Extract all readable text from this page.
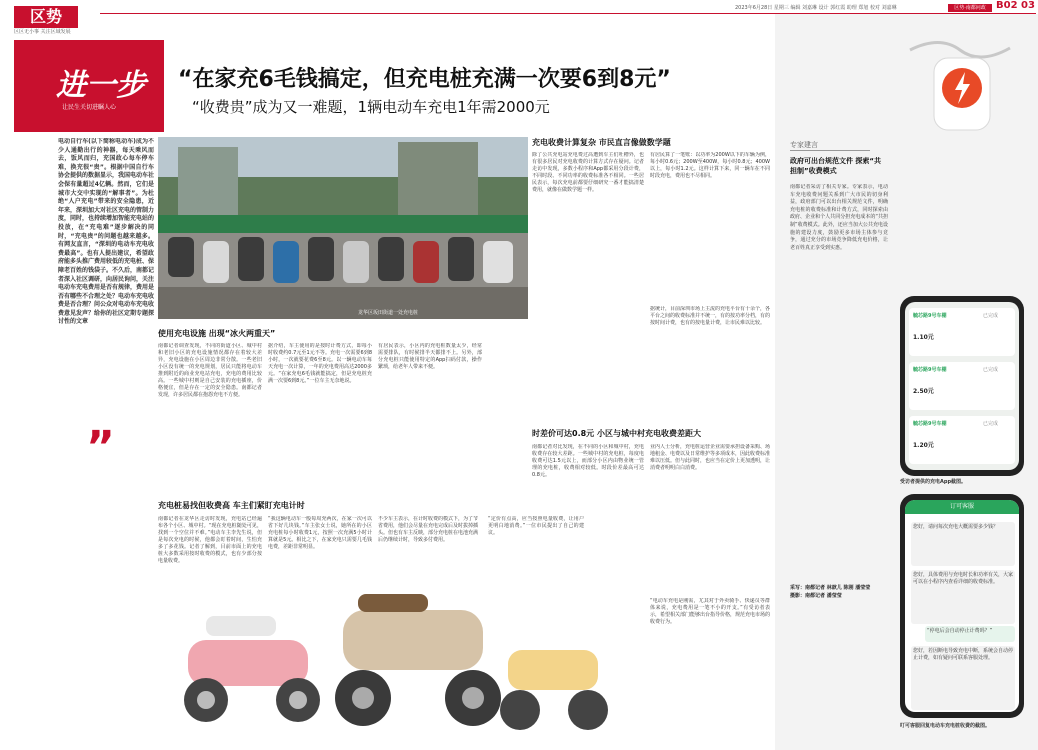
区势
区区无小事 关注区域发展
2023年6月28日 星期三 编辑 刘嘉琳 设计 郭红霞 助理 郑旭 校对 刘嘉琳	区势·南都问政	B02 03
进一步
让民生关切进瞩人心
“在家充6毛钱搞定，但充电桩充满一次要6到8元”
“收费贵”成为又一难题，1辆电动车充电1年需2000元
电动自行车(以下简称电动车)成为不少人通勤出行的神器，每天乘风而去，饭风而归，充国政心每车停车难，换充很“贵”。根据中国自行车协会提供的数据显示，我国电动车社会保有量超过4亿辆。然而，它们是城市大交中实现的“解事者”。为杜绝“人户充电”带来的安全隐患，近年来，深圳加大对社区充电的管制力度，同时，也持续增加智能充电站的投放，在“充电难”逐步解决的同时，“充电贵”的问题也越来越多。有网友直言，“深圳的电动车充电收费最高”。也有人提出建议，希望政府能多头推广费用较低的充电桩、保障老百姓的钱袋子。不久后，南都记者深入社区调研，向居民询问，关注电动车充电费用是否有规律，费用是否有哪些不合理之处？电动车充电收费是否合理？问公众对电动车充电收费意见发声？给你的社区定期专题探讨性的文章
”
龙华区坂田街道一处充电桩
使用充电设施 出现“冰火两重天”
南都记者调查发现，不同的街道小区、城中村和老旧小区的充电设施情况都存在着较大差异，充电设施在小区周边非常分散。一些老旧小区没有统一的充电规划，居民只能将电动车推到附近的商业充电站充电，充电的费用比较高。一些城中村则是自己安装的充电插座，价格便宜，但是存在一定的安全隐患。南都记者发现，许多居民都在抱怨充电不方便。
据介绍，车主使用的是按时计费方式，即每小时收费约0.7元至1元不等。充电一次需要6到8小时，一次就要花费6至8元。以一辆电动车每天充电一次计算，一年的充电费用高达2000多元。“在家充电6毛钱就能搞定，但是充电桩充满一次要6到8元。”一位车主无奈地说。
有居民表示，小区内的充电桩数量太少，经常需要排队，有时候排半天都排不上。另外，部分充电桩只能使用特定的App扫码付款，操作繁琐，给老年人带来不便。
充电桩易找但收费高 车主们紧盯充电计时
南都记者在龙华区走访时发现，充电站已经遍布各个小区、城中村。“现在充电桩随处可见，找到一个空位并不难。”电动车主李先生说，但是每次充电的时候，他都会盯着时间，生怕充多了多花钱。记者了解到，目前市面上的充电桩大多数采用按时收费的模式，也有少部分按电量收费。
“我这辆电动车一般每周充两次，在家一次可以省下好几块钱。”车主张女士说，她所在的小区充电桩每小时收费1元，按照一次充满5小时计算就是5元。相比之下，在家充电只需要几毛钱电费，差距非常明显。
不少车主表示，在计时收费的模式下，为了节省费用，他们会尽量在充电完成后及时拔掉插头。但也有车主反映，部分充电桩在电池充满后仍继续计时，导致多付费用。
“定价有点高，应当按照电量收费，让用户更明白地消费。”一位市民提出了自己的建议。
充电收费计算复杂 市民直言像做数学题
除了公共充电站充电费过高遭到车主们吐槽外，也有很多居民对充电收费的计算方式存在疑问。记者走访中发现，多数小程序和App都采用分段计费，不同时段、不同功率的收费标准各不相同。一些居民表示，每次充电前都要仔细研究一番才能搞清楚费用，就像在做数学题一样。
有居民算了一笔账：以功率为200W以下的车辆为例，每小时0.6元；200W至400W，每小时0.8元；400W以上，每小时1.2元。这样计算下来，同一辆车在不同时段充电，费用也不尽相同。
据统计，目前深圳市场上主流的充电平台有十余个，各平台之间的收费标准并不统一，有的按功率分档，有的按时间计费，也有的按电量计费，让市民难以比较。
时差价可达0.8元 小区与城中村充电收费差距大
南都记者对比发现，在不同的小区和城中村，充电收费存在较大差距。一些城中村的充电桩，每度电收费可达1.5元以上，而部分小区内由物业统一管理的充电桩，收费相对较低。时段价差最高可达0.8元。
业内人士分析，充电桩运营企业需要承担设备采购、场地租金、电费以及日常维护等多项成本，因此收费标准难以压低。但与此同时，也应当在定价上更加透明，让消费者明明白白消费。
“电动车充电是刚需，尤其对于外卖骑手、快递员等群体来说，充电费用是一笔不小的开支。”有受访者表示，希望相关部门能够出台指导价格，规范充电市场的收费行为。
专家建言
政府可出台规范文件 探索“共担制”收费模式
南都记者采访了相关专家。专家表示，电动车充电收费问题关系到广大市民的切身利益，政府部门可以出台相关规范文件，明确充电桩的收费标准和计费方式，同时探索由政府、企业和个人共同分担充电成本的“共担制”收费模式。此外，还应当加大公共充电设施的建设力度，鼓励更多市场主体参与竞争，通过充分的市场竞争降低充电价格，让老百姓真正享受到实惠。
采写：南都记者 林歆儿 陈刚 潘莹莹
摄影：南都记者 潘莹莹
毓芯路9号车棚
1.10元
已完成
毓芯路9号车棚
2.50元
已完成
毓芯路9号车棚
1.20元
已完成
受访者提供的充电App截图。
订可客服
您好，请问每次充电大概需要多少钱？
您好，具体费用与充电时长和功率有关，大家可以在小程序内查看详细的收费标准。
“停电后会自动停止计费吗？”
您好，若因断电导致充电中断，系统会自动停止计费，如有疑问可联系客服处理。
叮可客服回复电动车充电桩收费的截图。
